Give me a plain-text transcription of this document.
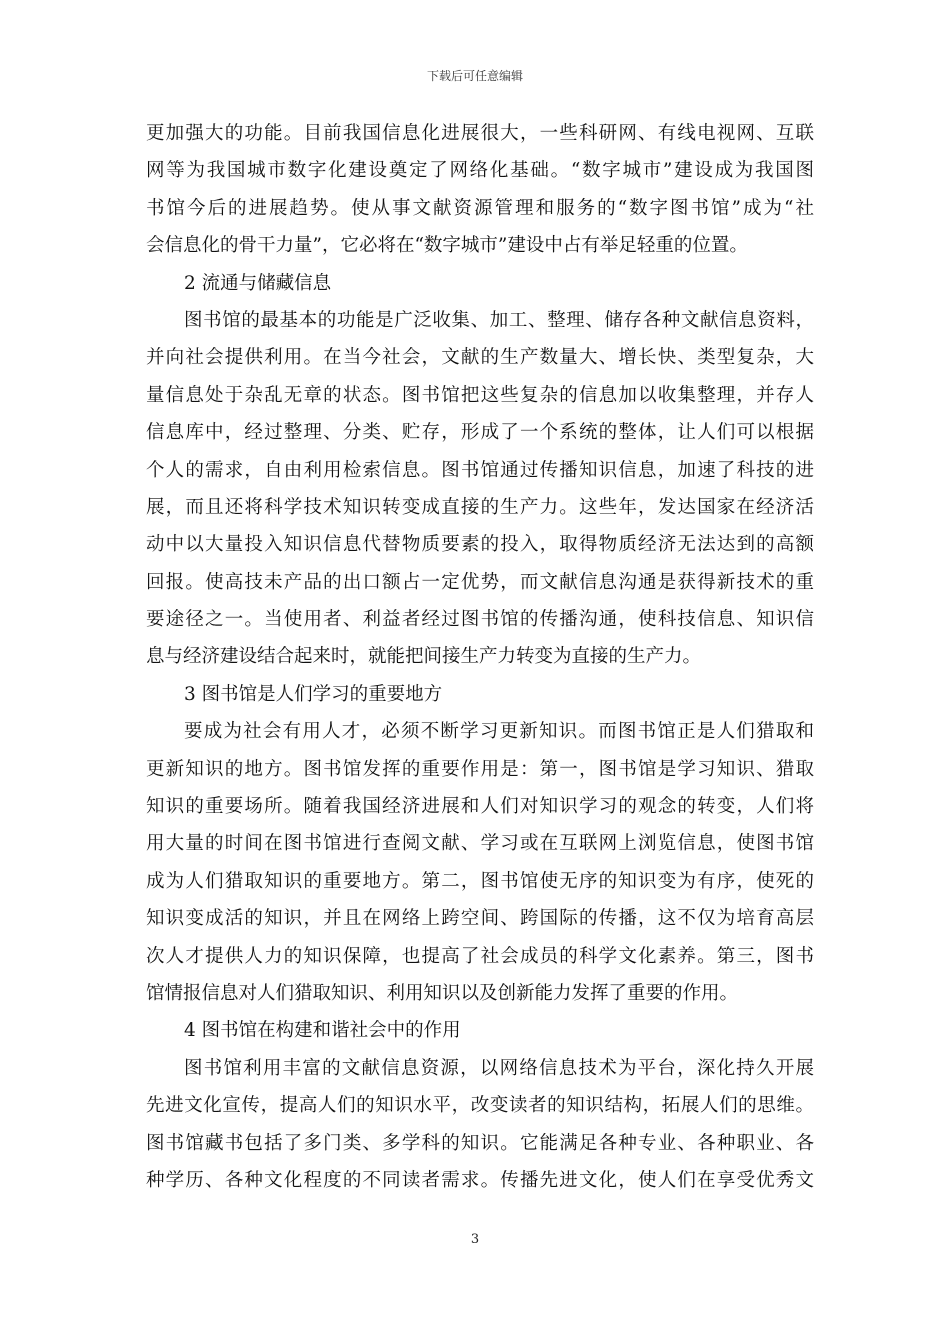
下载后可任意编辑
更加强大的功能。目前我国信息化进展很大，一些科研网、有线电视网、互联
网等为我国城市数字化建设奠定了网络化基础。“数字城市”建设成为我国图
书馆今后的进展趋势。使从事文献资源管理和服务的“数字图书馆”成为“社
会信息化的骨干力量”，它必将在“数字城市”建设中占有举足轻重的位置。
2 流通与储藏信息
图书馆的最基本的功能是广泛收集、加工、整理、储存各种文献信息资料，
并向社会提供利用。在当今社会，文献的生产数量大、增长快、类型复杂，大
量信息处于杂乱无章的状态。图书馆把这些复杂的信息加以收集整理，并存人
信息库中，经过整理、分类、贮存，形成了一个系统的整体，让人们可以根据
个人的需求，自由利用检索信息。图书馆通过传播知识信息，加速了科技的进
展，而且还将科学技术知识转变成直接的生产力。这些年，发达国家在经济活
动中以大量投入知识信息代替物质要素的投入，取得物质经济无法达到的高额
回报。使高技未产品的出口额占一定优势，而文献信息沟通是获得新技术的重
要途径之一。当使用者、利益者经过图书馆的传播沟通，使科技信息、知识信
息与经济建设结合起来时，就能把间接生产力转变为直接的生产力。
3 图书馆是人们学习的重要地方
要成为社会有用人才，必须不断学习更新知识。而图书馆正是人们猎取和
更新知识的地方。图书馆发挥的重要作用是：第一，图书馆是学习知识、猎取
知识的重要场所。随着我国经济进展和人们对知识学习的观念的转变，人们将
用大量的时间在图书馆进行查阅文献、学习或在互联网上浏览信息，使图书馆
成为人们猎取知识的重要地方。第二，图书馆使无序的知识变为有序，使死的
知识变成活的知识，并且在网络上跨空间、跨国际的传播，这不仅为培育高层
次人才提供人力的知识保障，也提高了社会成员的科学文化素养。第三，图书
馆情报信息对人们猎取知识、利用知识以及创新能力发挥了重要的作用。
4 图书馆在构建和谐社会中的作用
图书馆利用丰富的文献信息资源，以网络信息技术为平台，深化持久开展
先进文化宣传，提高人们的知识水平，改变读者的知识结构，拓展人们的思维。
图书馆藏书包括了多门类、多学科的知识。它能满足各种专业、各种职业、各
种学历、各种文化程度的不同读者需求。传播先进文化，使人们在享受优秀文
3
